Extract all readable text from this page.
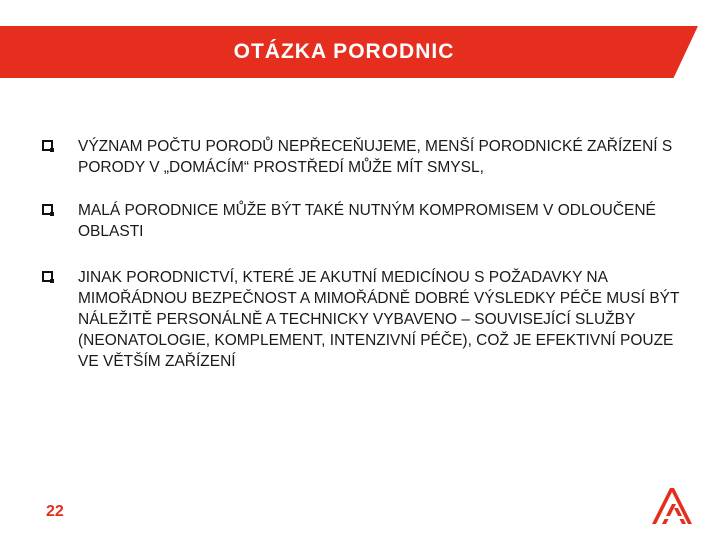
OTÁZKA PORODNIC
VÝZNAM POČTU PORODŮ NEPŘECEŇUJEME, MENŠÍ PORODNICKÉ ZAŘÍZENÍ S PORODY V „DOMÁCÍM“ PROSTŘEDÍ MŮŽE MÍT SMYSL,
MALÁ PORODNICE MŮŽE BÝT TAKÉ NUTNÝM KOMPROMISEM V ODLOUČENÉ OBLASTI
JINAK PORODNICTVÍ, KTERÉ JE AKUTNÍ MEDICÍNOU S POŽADAVKY NA MIMOŘÁDNOU BEZPEČNOST A MIMOŘÁDNĚ DOBRÉ VÝSLEDKY PÉČE MUSÍ BÝT NÁLEŽITĚ PERSONÁLNĚ A TECHNICKY VYBAVENO – SOUVISEJÍCÍ SLUŽBY (NEONATOLOGIE, KOMPLEMENT, INTENZIVNÍ PÉČE), COŽ JE EFEKTIVNÍ POUZE VE VĚTŠÍM ZAŘÍZENÍ
22
